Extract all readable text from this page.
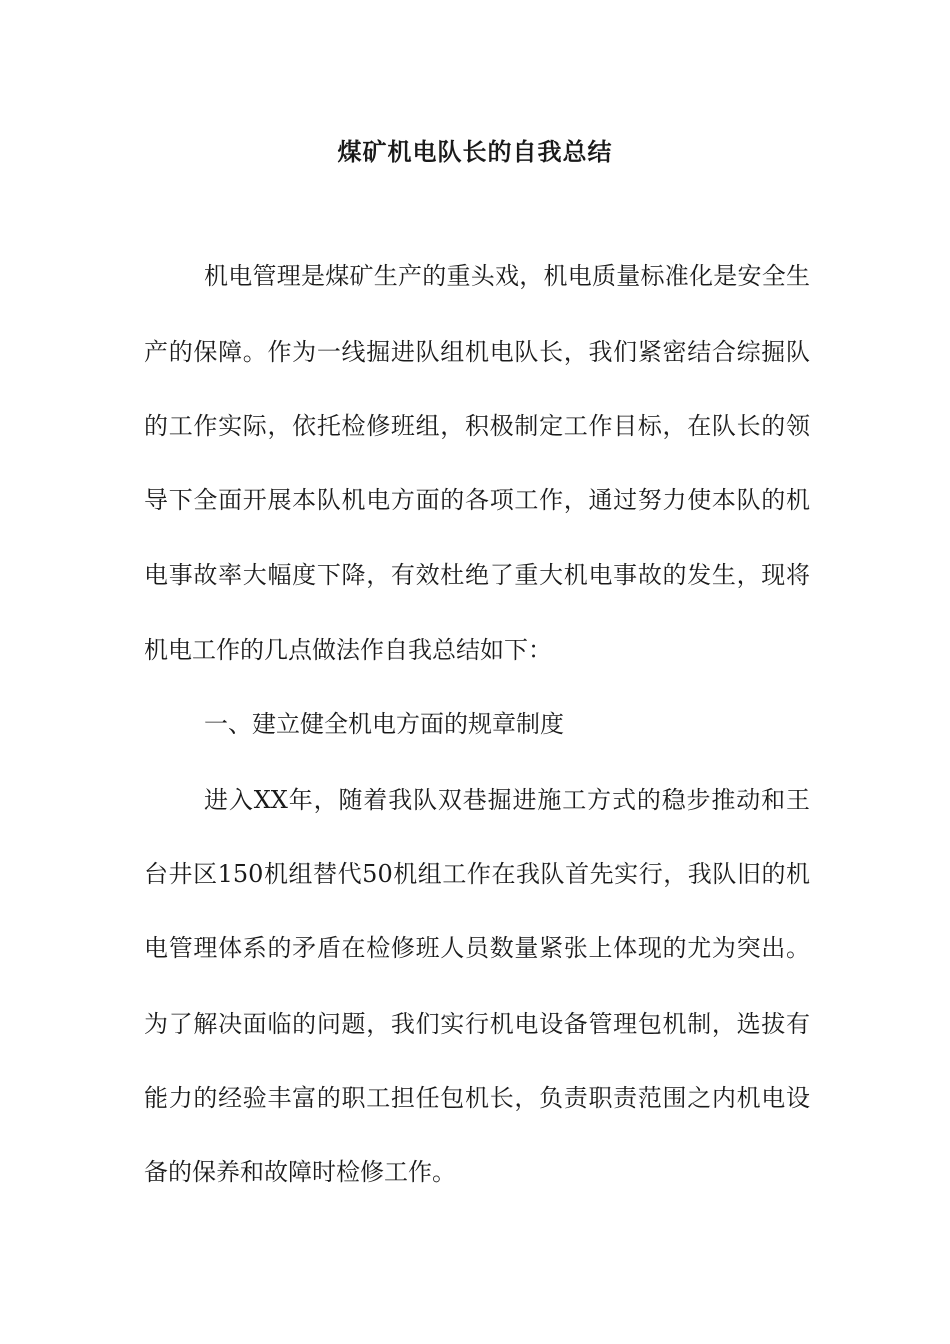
煤矿机电队长的自我总结
机电管理是煤矿生产的重头戏，机电质量标准化是安全生
产的保障。作为一线掘进队组机电队长，我们紧密结合综掘队
的工作实际，依托检修班组，积极制定工作目标，在队长的领
导下全面开展本队机电方面的各项工作，通过努力使本队的机
电事故率大幅度下降，有效杜绝了重大机电事故的发生，现将
机电工作的几点做法作自我总结如下：
一、建立健全机电方面的规章制度
进入XX年，随着我队双巷掘进施工方式的稳步推动和王
台井区150机组替代50机组工作在我队首先实行，我队旧的机
电管理体系的矛盾在检修班人员数量紧张上体现的尤为突出。
为了解决面临的问题，我们实行机电设备管理包机制，选拔有
能力的经验丰富的职工担任包机长，负责职责范围之内机电设
备的保养和故障时检修工作。
